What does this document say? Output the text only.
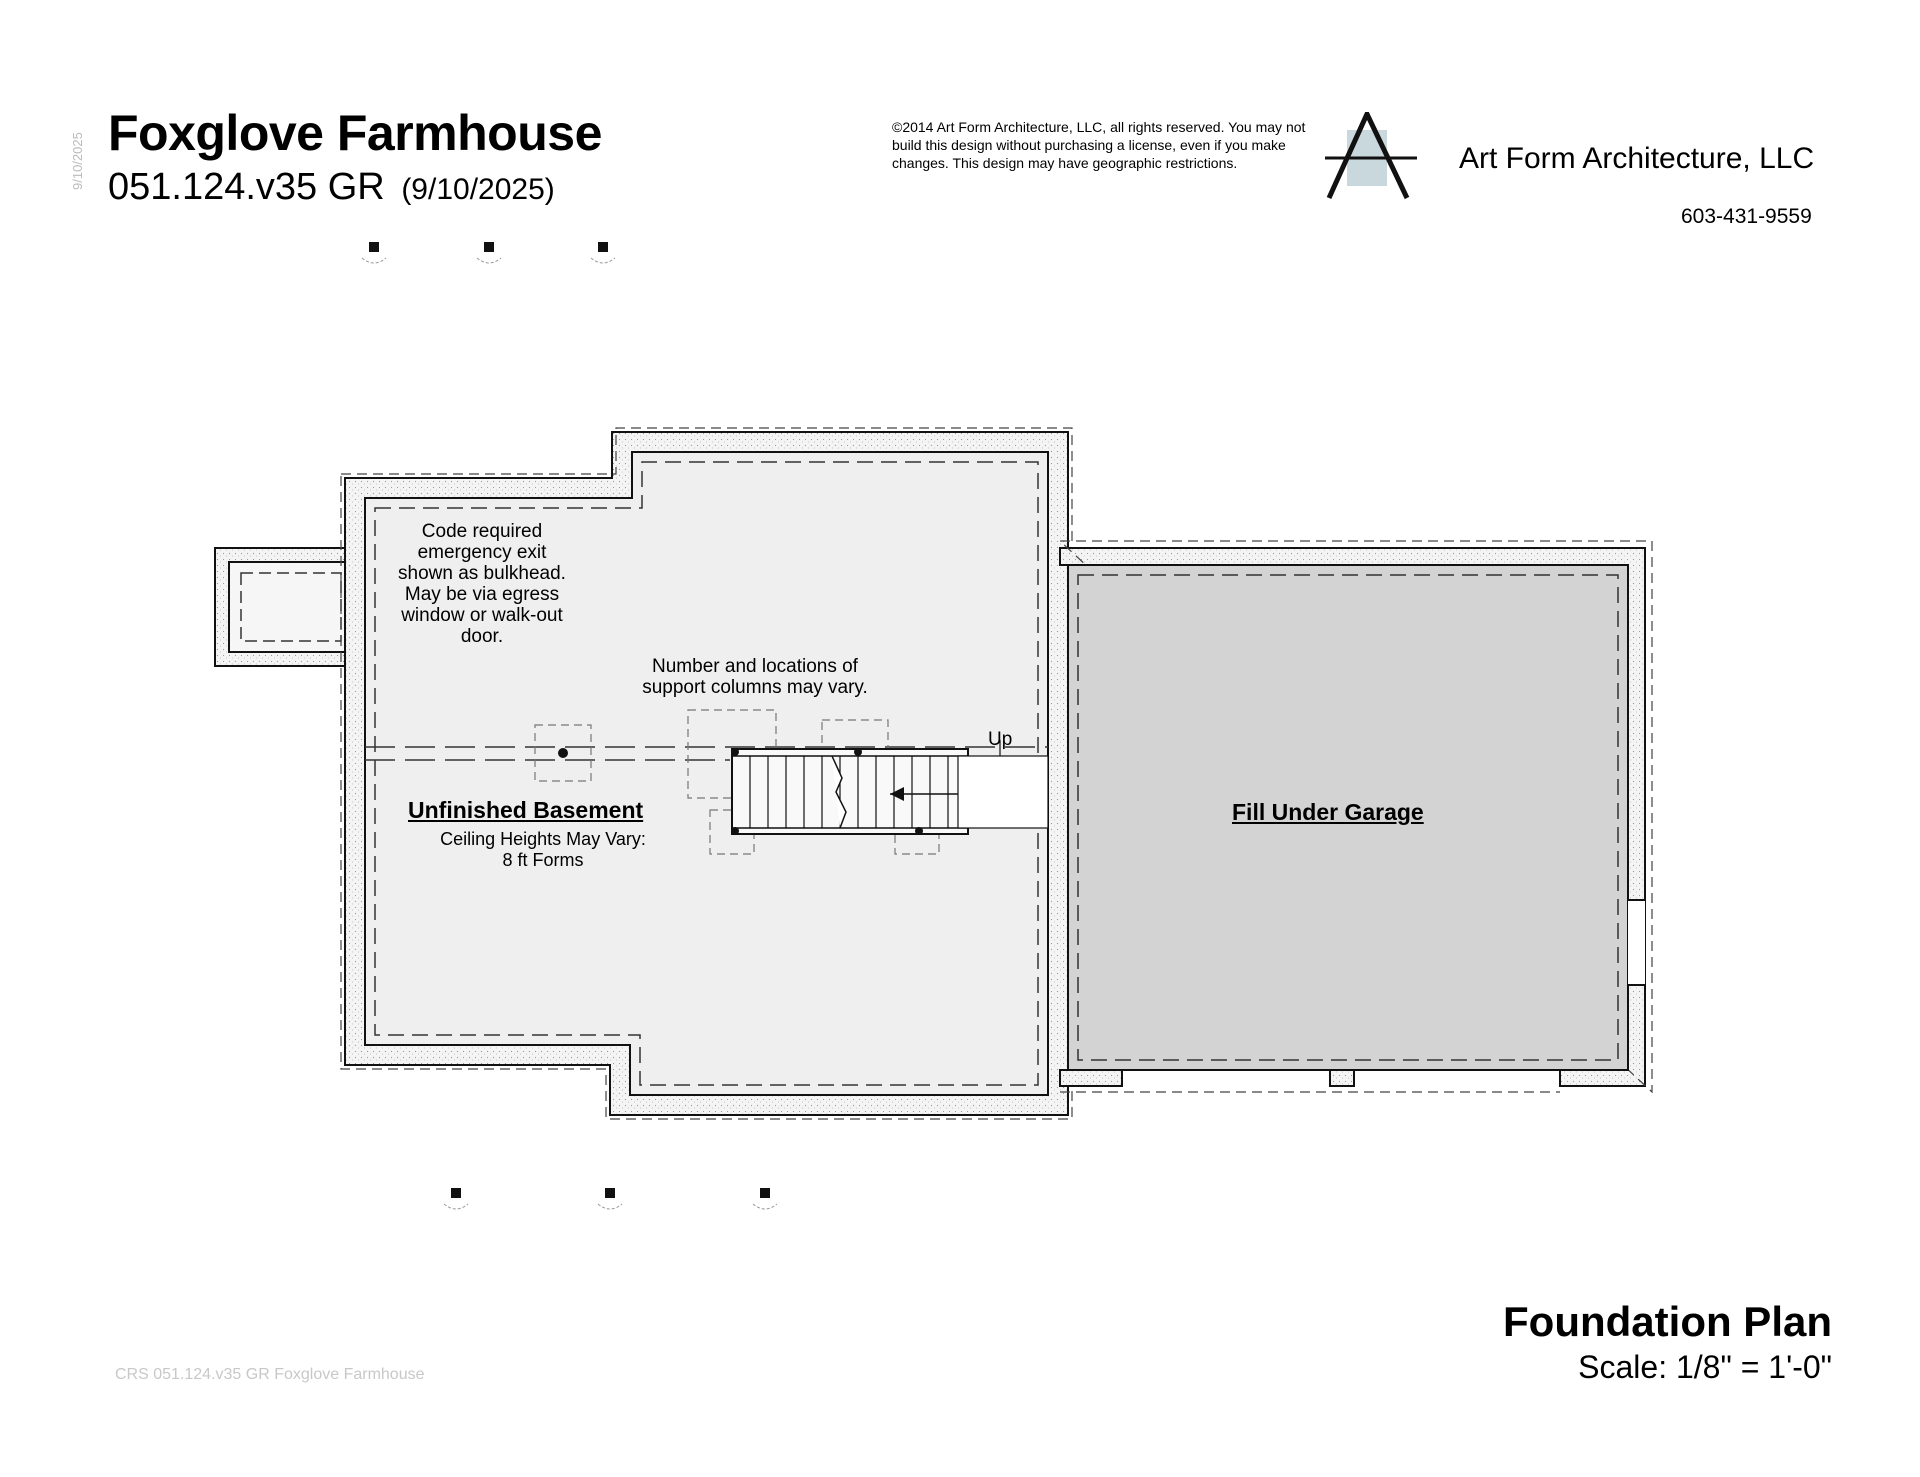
Foxglove Farmhouse
051.124.v35 GR (9/10/2025)
9/10/2025
©2014 Art Form Architecture, LLC, all rights reserved. You may not build this design without purchasing a license, even if you make changes. This design may have geographic restrictions.	Art Form Architecture, LLC
603-431-9559
Code required emergency exit shown as bulkhead. May be via egress window or walk-out door.
Number and locations of support columns may vary.
Unfinished Basement
Ceiling Heights May Vary:
8 ft Forms
Fill Under Garage
Up
Foundation Plan
Scale: 1/8" = 1'-0"
CRS 051.124.v35 GR Foxglove Farmhouse
